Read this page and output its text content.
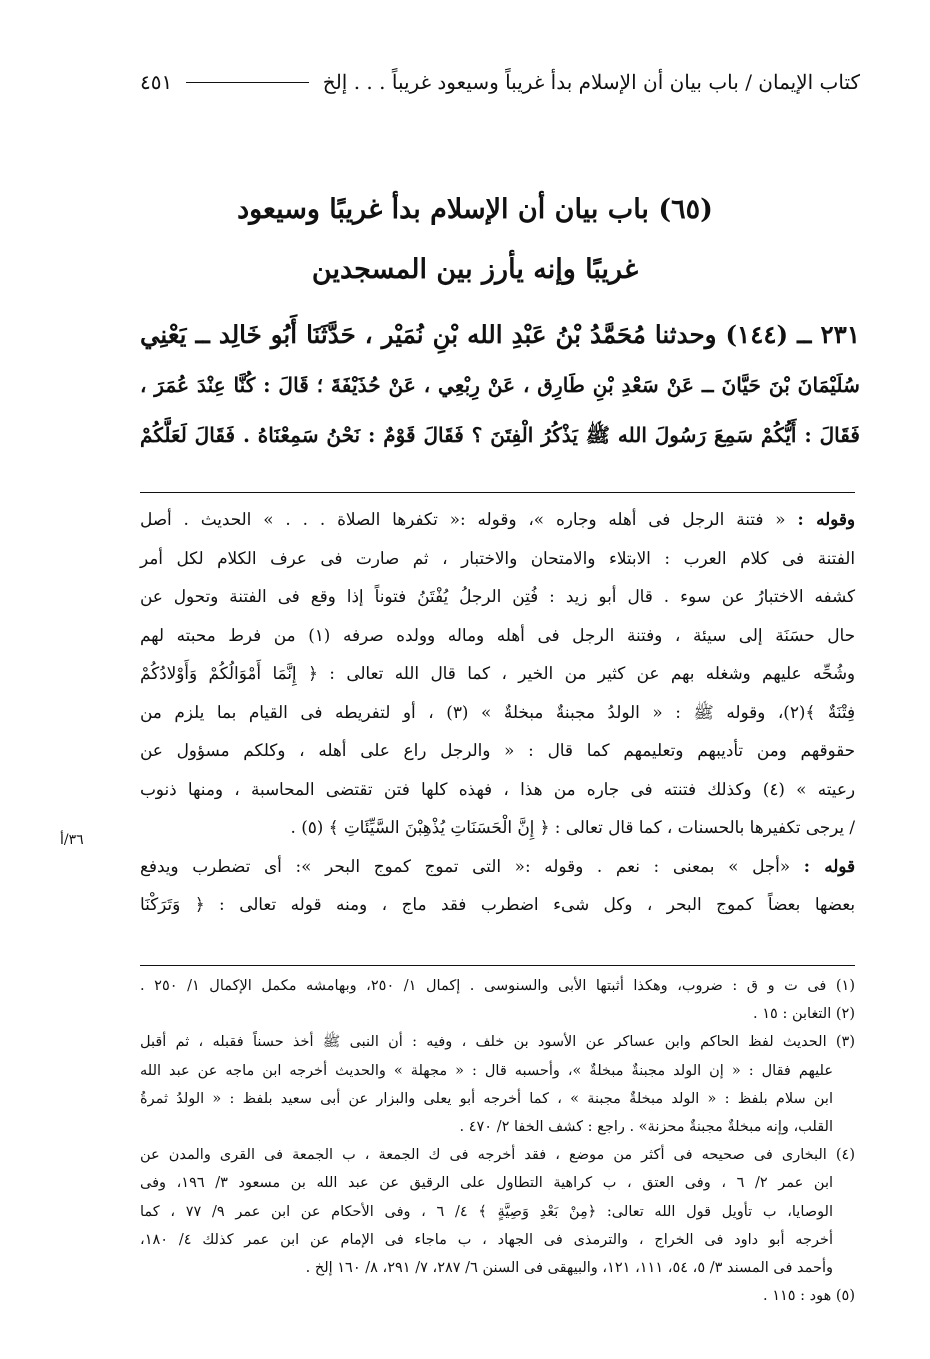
كتاب الإيمان / باب بيان أن الإسلام بدأ غريباً وسيعود غريباً . . . إلخ
٤٥١
(٦٥) باب بيان أن الإسلام بدأ غريبًا وسيعود
غريبًا وإنه يأرز بين المسجدين
٢٣١ ــ (١٤٤) وحدثنا مُحَمَّدُ بْنُ عَبْدِ الله بْنِ نُمَيْر ، حَدَّثَنَا أَبُو خَالِد ــ يَعْنِي
سُلَيْمَانَ بْنَ حَيَّانَ ــ عَنْ سَعْدِ بْنِ طَارِق ، عَنْ رِبْعِي ، عَنْ حُذَيْفَةَ ؛ قَالَ : كُنَّا عِنْدَ عُمَرَ ،
فَقَالَ : أَيُّكُمْ سَمِعَ رَسُولَ الله ﷺ يَذْكُرُ الْفِتَنَ ؟ فَقَالَ قَوْمٌ : نَحْنُ سَمِعْنَاهُ . فَقَالَ لَعَلَّكُمْ
وقوله : « فتنة الرجل فى أهله وجاره »، وقوله :« تكفرها الصلاة . . . » الحديث . أصل
الفتنة فى كلام العرب : الابتلاء والامتحان والاختبار ، ثم صارت فى عرف الكلام لكل أمر
كشفه الاختبارُ عن سوء . قال أبو زيد : فُتِن الرجلُ يُفْتَنُ فتوناً إذا وقع فى الفتنة وتحول عن
حال حسَنَة إلى سيئة ، وفتنة الرجل فى أهله وماله وولده صرفه (١) من فرط محبته لهم
وشُحِّه عليهم وشغله بهم عن كثير من الخير ، كما قال الله تعالى : ﴿ إِنَّمَا أَمْوَالُكُمْ وَأَوْلادُكُمْ
فِتْنَةٌ ﴾(٢)، وقوله ﷺ : « الولدُ مجبنةٌ مبخلةٌ » (٣) ، أو لتفريطه فى القيام بما يلزم من
حقوقهم ومن تأديبهم وتعليمهم كما قال : « والرجل راع على أهله ، وكلكم مسؤول عن
رعيته » (٤) وكذلك فتنته فى جاره من هذا ، فهذه كلها فتن تقتضى المحاسبة ، ومنها ذنوب
/ يرجى تكفيرها بالحسنات ، كما قال تعالى : ﴿ إِنَّ الْحَسَنَاتِ يُذْهِبْنَ السَّيِّئَاتِ ﴾ (٥) .
قوله : «أجل » بمعنى : نعم . وقوله :« التى تموج كموج البحر »: أى تضطرب ويدفع
بعضها بعضاً كموج البحر ، وكل شىء اضطرب فقد ماج ، ومنه قوله تعالى : ﴿ وَتَرَكْنَا
٣٦/أ
(١) فى ت و ق : ضروب، وهكذا أثبتها الأبى والسنوسى . إكمال ١/ ٢٥٠، وبهامشه مكمل الإكمال ١/ ٢٥٠ .
(٢) التغابن : ١٥ .
(٣) الحديث لفظ الحاكم وابن عساكر عن الأسود بن خلف ، وفيه : أن النبى ﷺ أخذ حسناً فقبله ، ثم أقبل
عليهم فقال : « إن الولد مجبنةٌ مبخلةٌ »، وأحسبه قال : « مجهلة » والحديث أخرجه ابن ماجه عن عبد الله
ابن سلام بلفظ : « الولد مبخلةٌ مجبنة » ، كما أخرجه أبو يعلى والبزار عن أبى سعيد بلفظ : « الولدُ ثمرةُ
القلب، وإنه مبخلةٌ مجبنةٌ محزنة» . راجع : كشف الخفا ٢/ ٤٧٠ .
(٤) البخارى فى صحيحه فى أكثر من موضع ، فقد أخرجه فى ك الجمعة ، ب الجمعة فى القرى والمدن عن
ابن عمر ٢/ ٦ ، وفى العتق ، ب كراهية التطاول على الرقيق عن عبد الله بن مسعود ٣/ ١٩٦، وفى
الوصايا، ب تأويل قول الله تعالى: ﴿مِنْ بَعْدِ وَصِيَّةٍ ﴾ ٤/ ٦ ، وفى الأحكام عن ابن عمر ٩/ ٧٧ ، كما
أخرجه أبو داود فى الخراج ، والترمذى فى الجهاد ، ب ماجاء فى الإمام عن ابن عمر كذلك ٤/ ١٨٠،
وأحمد فى المسند ٣/ ٥، ٥٤، ١١١، ١٢١، والبيهقى فى السنن ٦/ ٢٨٧، ٧/ ٢٩١، ٨/ ١٦٠ إلخ .
(٥) هود : ١١٥ .
